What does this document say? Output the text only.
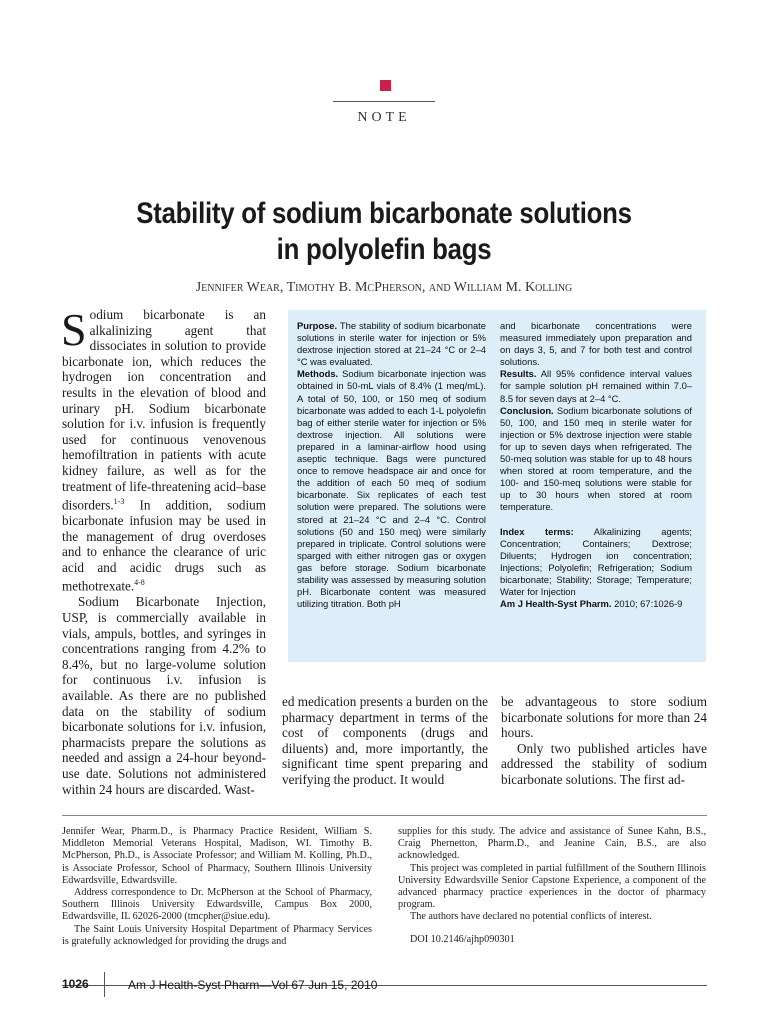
NOTE
Stability of sodium bicarbonate solutions
in polyolefin bags
Jennifer Wear, Timothy B. McPherson, and William M. Kolling

Sodium bicarbonate is an alkalinizing agent that dissociates in solution to provide bicarbonate ion, which reduces the hydrogen ion concentration and results in the elevation of blood and urinary pH. Sodium bicarbonate solution for i.v. infusion is frequently used for continuous venovenous hemofiltration in patients with acute kidney failure, as well as for the treatment of life-threatening acid–base disorders.$^{1-3}$ In addition, sodium bicarbonate infusion may be used in the management of drug overdoses and to enhance the clearance of uric acid and acidic drugs such as methotrexate.$^{4-8}$

Sodium Bicarbonate Injection, USP, is commercially available in vials, ampuls, bottles, and syringes in concentrations ranging from 4.2% to 8.4%, but no large-volume solution for continuous i.v. infusion is available. As there are no published data on the stability of sodium bicarbonate solutions for i.v. infusion, pharmacists prepare the solutions as needed and assign a 24-hour beyond-use date. Solutions not administered within 24 hours are discarded. Wast-

Purpose. The stability of sodium bicarbonate solutions in sterile water for injection or 5% dextrose injection stored at 21–24 °C or 2–4 °C was evaluated.

Methods. Sodium bicarbonate injection was obtained in 50-mL vials of 8.4% (1 meq/mL). A total of 50, 100, or 150 meq of sodium bicarbonate was added to each 1-L polyolefin bag of either sterile water for injection or 5% dextrose injection. All solutions were prepared in a laminar-airflow hood using aseptic technique. Bags were punctured once to remove headspace air and once for the addition of each 50 meq of sodium bicarbonate. Six replicates of each test solution were prepared. The solutions were stored at 21–24 °C and 2–4 °C. Control solutions (50 and 150 meq) were similarly prepared in triplicate. Control solutions were sparged with either nitrogen gas or oxygen gas before storage. Sodium bicarbonate stability was assessed by measuring solution pH. Bicarbonate content was measured utilizing titration. Both pH

and bicarbonate concentrations were measured immediately upon preparation and on days 3, 5, and 7 for both test and control solutions.

Results. All 95% confidence interval values for sample solution pH remained within 7.0–8.5 for seven days at 2–4 °C.

Conclusion. Sodium bicarbonate solutions of 50, 100, and 150 meq in sterile water for injection or 5% dextrose injection were stable for up to seven days when refrigerated. The 50-meq solution was stable for up to 48 hours when stored at room temperature, and the 100- and 150-meq solutions were stable for up to 30 hours when stored at room temperature.

Index terms: Alkalinizing agents; Concentration; Containers; Dextrose; Diluents; Hydrogen ion concentration; Injections; Polyolefin; Refrigeration; Sodium bicarbonate; Stability; Storage; Temperature; Water for Injection

Am J Health-Syst Pharm. 2010; 67:1026-9

ed medication presents a burden on the pharmacy department in terms of the cost of components (drugs and diluents) and, more importantly, the significant time spent preparing and verifying the product. It would

be advantageous to store sodium bicarbonate solutions for more than 24 hours.

Only two published articles have addressed the stability of sodium bicarbonate solutions. The first ad-

Jennifer Wear, Pharm.D., is Pharmacy Practice Resident, William S. Middleton Memorial Veterans Hospital, Madison, WI. Timothy B. McPherson, Ph.D., is Associate Professor; and William M. Kolling, Ph.D., is Associate Professor, School of Pharmacy, Southern Illinois University Edwardsville, Edwardsville.

Address correspondence to Dr. McPherson at the School of Pharmacy, Southern Illinois University Edwardsville, Campus Box 2000, Edwardsville, IL 62026-2000 (tmcpher@siue.edu).

The Saint Louis University Hospital Department of Pharmacy Services is gratefully acknowledged for providing the drugs and

supplies for this study. The advice and assistance of Sunee Kahn, B.S., Craig Phernetton, Pharm.D., and Jeanine Cain, B.S., are also acknowledged.

This project was completed in partial fulfillment of the Southern Illinois University Edwardsville Senior Capstone Experience, a component of the advanced pharmacy practice experiences in the doctor of pharmacy program.

The authors have declared no potential conflicts of interest.

DOI 10.2146/ajhp090301

1026	Am J Health-Syst Pharm—Vol 67 Jun 15, 2010
